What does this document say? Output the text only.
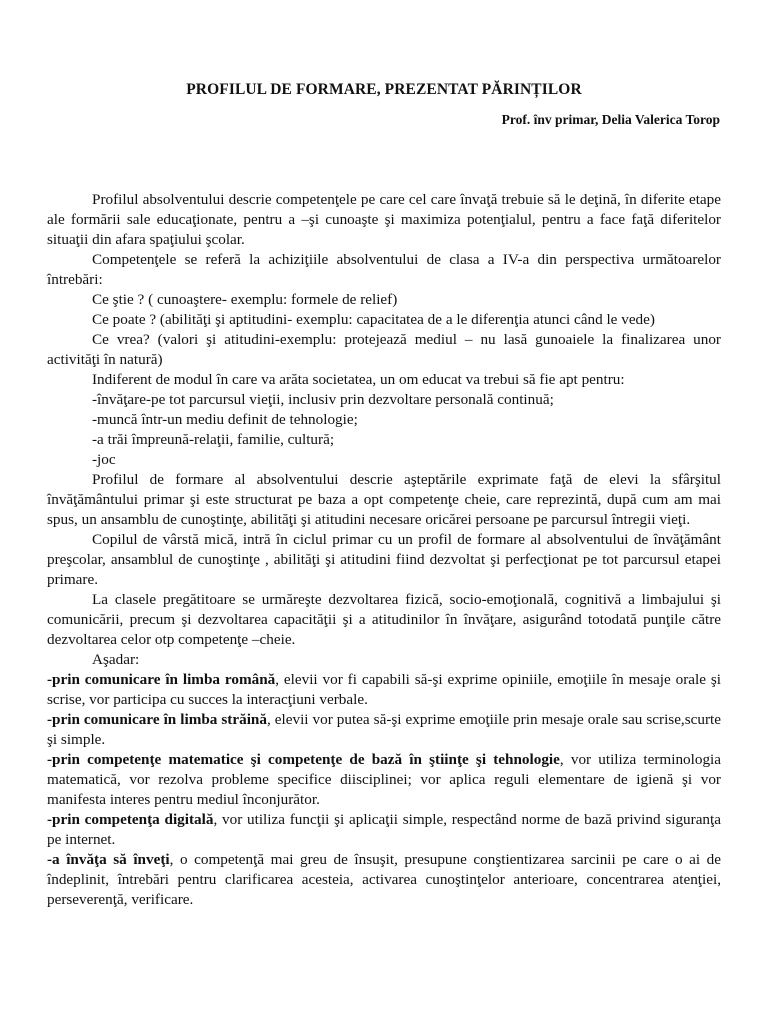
PROFILUL DE FORMARE, PREZENTAT PĂRINȚILOR
Prof. înv primar, Delia Valerica Torop

Profilul absolventului descrie competenţele pe care cel care învaţă trebuie să le deţină, în diferite etape ale formării sale educaţionate, pentru a –şi cunoaşte şi maximiza potenţialul, pentru a face faţă diferitelor situaţii din afara spaţiului şcolar.

Competenţele se referă la achiziţiile absolventului de clasa a IV-a din perspectiva următoarelor întrebări:

Ce ştie ? ( cunoaştere- exemplu: formele de relief)

Ce poate ? (abilităţi şi aptitudini- exemplu: capacitatea de a le diferenţia atunci când le vede)

Ce vrea? (valori şi atitudini-exemplu: protejează mediul – nu lasă gunoaiele la finalizarea unor activităţi în natură)

Indiferent de modul în care va arăta societatea, un om educat va trebui să fie apt pentru:

-învăţare-pe tot parcursul vieţii, inclusiv prin dezvoltare personală continuă;

-muncă într-un mediu definit de tehnologie;

-a trăi împreună-relaţii, familie, cultură;

-joc

Profilul de formare al absolventului descrie aşteptările exprimate faţă de elevi la sfârşitul învăţământului primar şi este structurat pe baza a opt competenţe cheie, care reprezintă, după cum am mai spus, un ansamblu de cunoştinţe, abilităţi şi atitudini necesare oricărei persoane pe parcursul întregii vieţi.

Copilul de vârstă mică, intră în ciclul primar cu un profil de formare al absolventului de învăţământ preşcolar, ansamblul de cunoştinţe , abilităţi şi atitudini fiind dezvoltat şi perfecţionat pe tot parcursul etapei primare.

La clasele pregătitoare se urmăreşte dezvoltarea fizică, socio-emoţională, cognitivă a limbajului şi comunicării, precum şi dezvoltarea capacităţii şi a atitudinilor în învăţare, asigurând totodată punţile către dezvoltarea celor otp competenţe –cheie.

Aşadar:

-prin comunicare în limba română, elevii vor fi capabili să-şi exprime opiniile, emoţiile în mesaje orale şi scrise, vor participa cu succes la interacţiuni verbale.

-prin comunicare în limba străină, elevii vor putea să-şi exprime emoţiile prin mesaje orale sau scrise,scurte şi simple.

-prin competenţe matematice şi competenţe de bază în ştiinţe şi tehnologie, vor utiliza terminologia matematică, vor rezolva probleme specifice diisciplinei; vor aplica reguli elementare de igienă şi vor manifesta interes pentru mediul înconjurător.

-prin competenţa digitală, vor utiliza funcţii şi aplicaţii simple, respectând norme de bază privind siguranţa pe internet.

-a învăţa să înveţi, o competenţă mai greu de însuşit, presupune conştientizarea sarcinii pe care o ai de îndeplinit, întrebări pentru clarificarea acesteia, activarea cunoştinţelor anterioare, concentrarea atenţiei, perseverenţă, verificare.
